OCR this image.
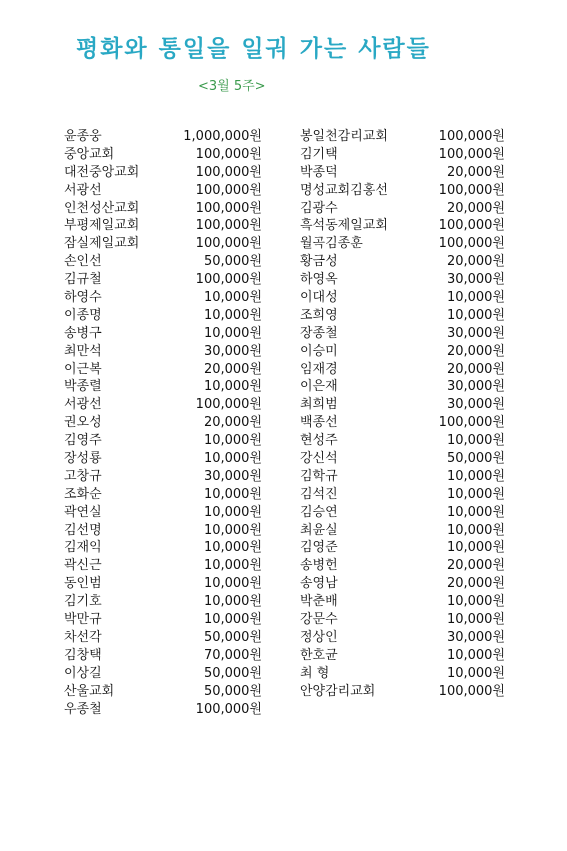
평화와 통일을 일궈 가는 사람들
<3월 5주>
윤종웅	1,000,000원	봉일천감리교회	100,000원
중앙교회	100,000원	김기택	100,000원
대전중앙교회	100,000원	박종덕	20,000원
서광선	100,000원	명성교회김홍선	100,000원
인천성산교회	100,000원	김광수	20,000원
부평제일교회	100,000원	흑석동제일교회	100,000원
잠실제일교회	100,000원	월곡김종훈	100,000원
손인선	50,000원	황금성	20,000원
김규철	100,000원	하영옥	30,000원
하영수	10,000원	이대성	10,000원
이종명	10,000원	조희영	10,000원
송병구	10,000원	장종철	30,000원
최만석	30,000원	이승미	20,000원
이근복	20,000원	임재경	20,000원
박종렬	10,000원	이은재	30,000원
서광선	100,000원	최희범	30,000원
권오성	20,000원	백종선	100,000원
김영주	10,000원	현성주	10,000원
장성룡	10,000원	강신석	50,000원
고창규	30,000원	김학규	10,000원
조화순	10,000원	김석진	10,000원
곽연실	10,000원	김승연	10,000원
김선명	10,000원	최윤실	10,000원
김재익	10,000원	김영준	10,000원
곽신근	10,000원	송병헌	20,000원
동인범	10,000원	송영남	20,000원
김기호	10,000원	박춘배	10,000원
박만규	10,000원	강문수	10,000원
차선각	50,000원	정상인	30,000원
김창택	70,000원	한호균	10,000원
이상길	50,000원	최 형	10,000원
산울교회	50,000원	안양감리교회	100,000원
우종철	100,000원
